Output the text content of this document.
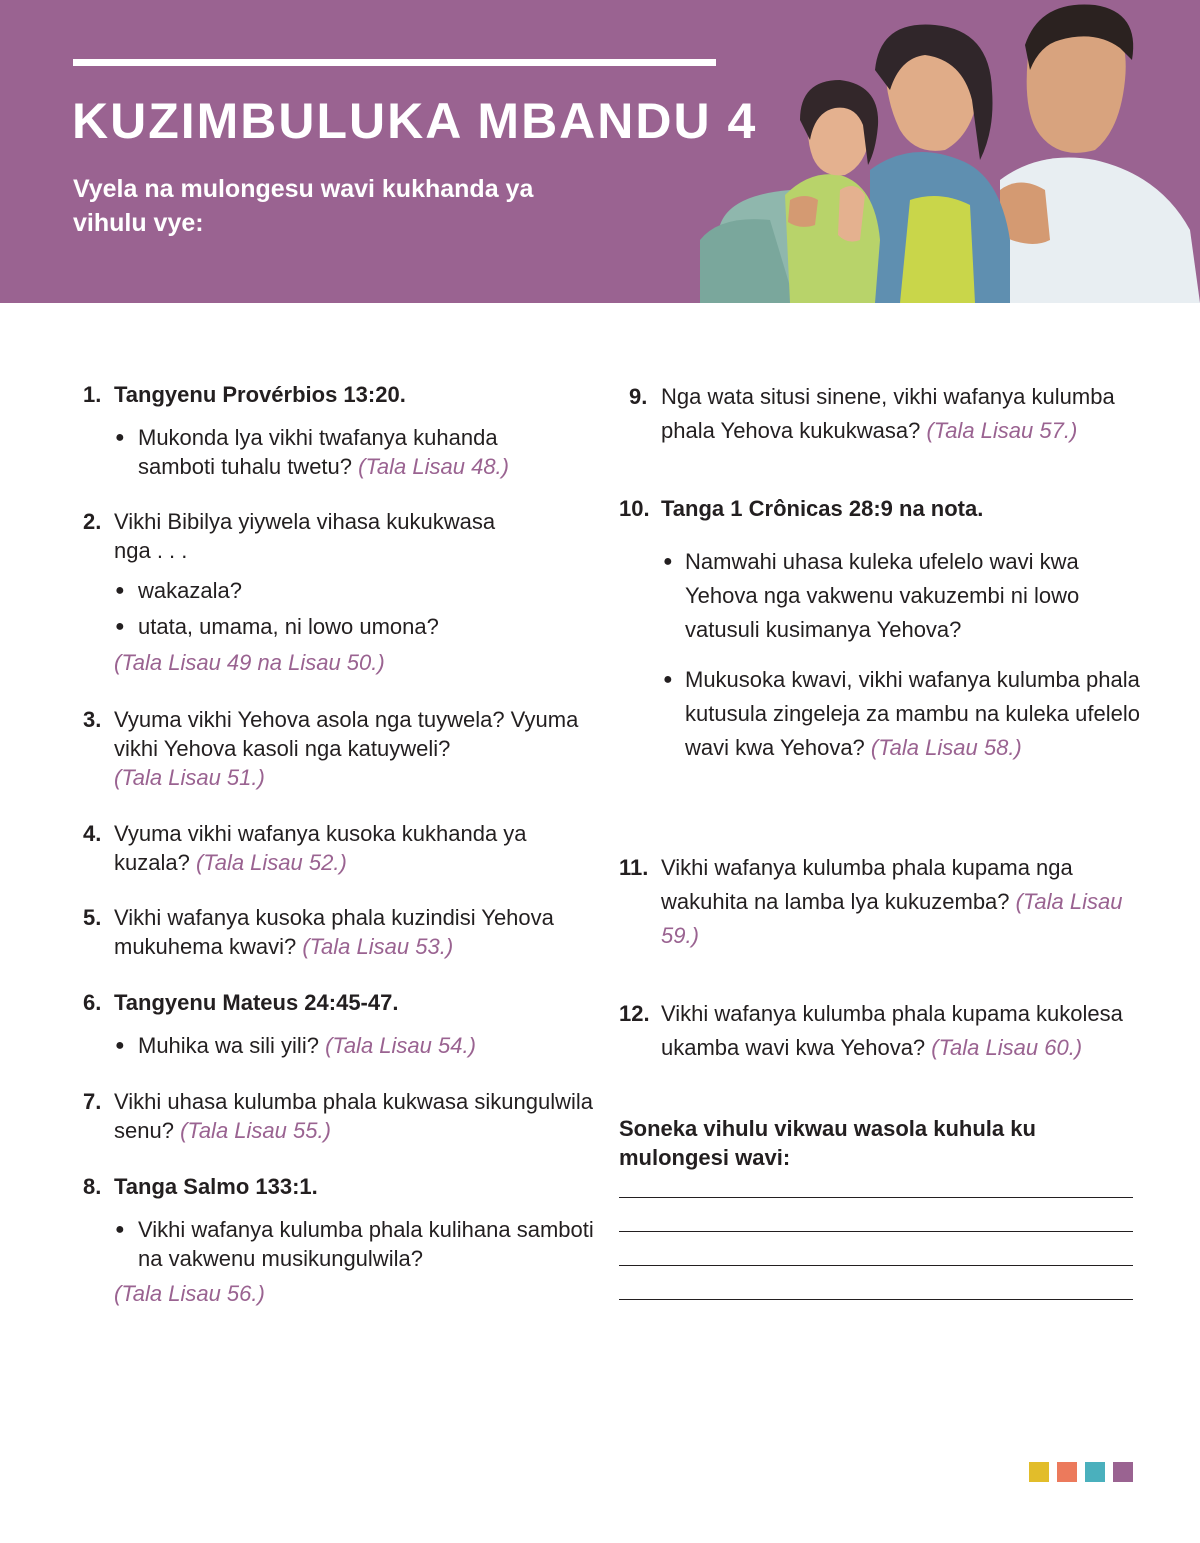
KUZIMBULUKA MBANDU 4

Vyela na mulongesu wavi kukhanda ya vihulu vye:

1. Tangyenu Provérbios 13:20.
● Mukonda lya vikhi twafanya kuhanda samboti tuhalu twetu? (Tala Lisau 48.)
2. Vikhi Bibilya yiywela vihasa kukukwasa nga . . .
● wakazala?
● utata, umama, ni lowo umona?
(Tala Lisau 49 na Lisau 50.)
3. Vyuma vikhi Yehova asola nga tuywela? Vyuma vikhi Yehova kasoli nga katuyweli?
(Tala Lisau 51.)
4. Vyuma vikhi wafanya kusoka kukhanda ya kuzala? (Tala Lisau 52.)
5. Vikhi wafanya kusoka phala kuzindisi Yehova mukuhema kwavi? (Tala Lisau 53.)
6. Tangyenu Mateus 24:45-47.
● Muhika wa sili yili? (Tala Lisau 54.)
7. Vikhi uhasa kulumba phala kukwasa sikungulwila senu? (Tala Lisau 55.)
8. Tanga Salmo 133:1.
● Vikhi wafanya kulumba phala kulihana samboti na vakwenu musikungulwila?
(Tala Lisau 56.)
9. Nga wata situsi sinene, vikhi wafanya kulumba phala Yehova kukukwasa? (Tala Lisau 57.)
10. Tanga 1 Crônicas 28:9 na nota.
● Namwahi uhasa kuleka ufelelo wavi kwa Yehova nga vakwenu vakuzembi ni lowo vatusuli kusimanya Yehova?
● Mukusoka kwavi, vikhi wafanya kulumba phala kutusula zingeleja za mambu na kuleka ufelelo wavi kwa Yehova? (Tala Lisau 58.)
11. Vikhi wafanya kulumba phala kupama nga wakuhita na lamba lya kukuzemba? (Tala Lisau 59.)
12. Vikhi wafanya kulumba phala kupama kukolesa ukamba wavi kwa Yehova? (Tala Lisau 60.)
Soneka vihulu vikwau wasola kuhula ku mulongesi wavi:
